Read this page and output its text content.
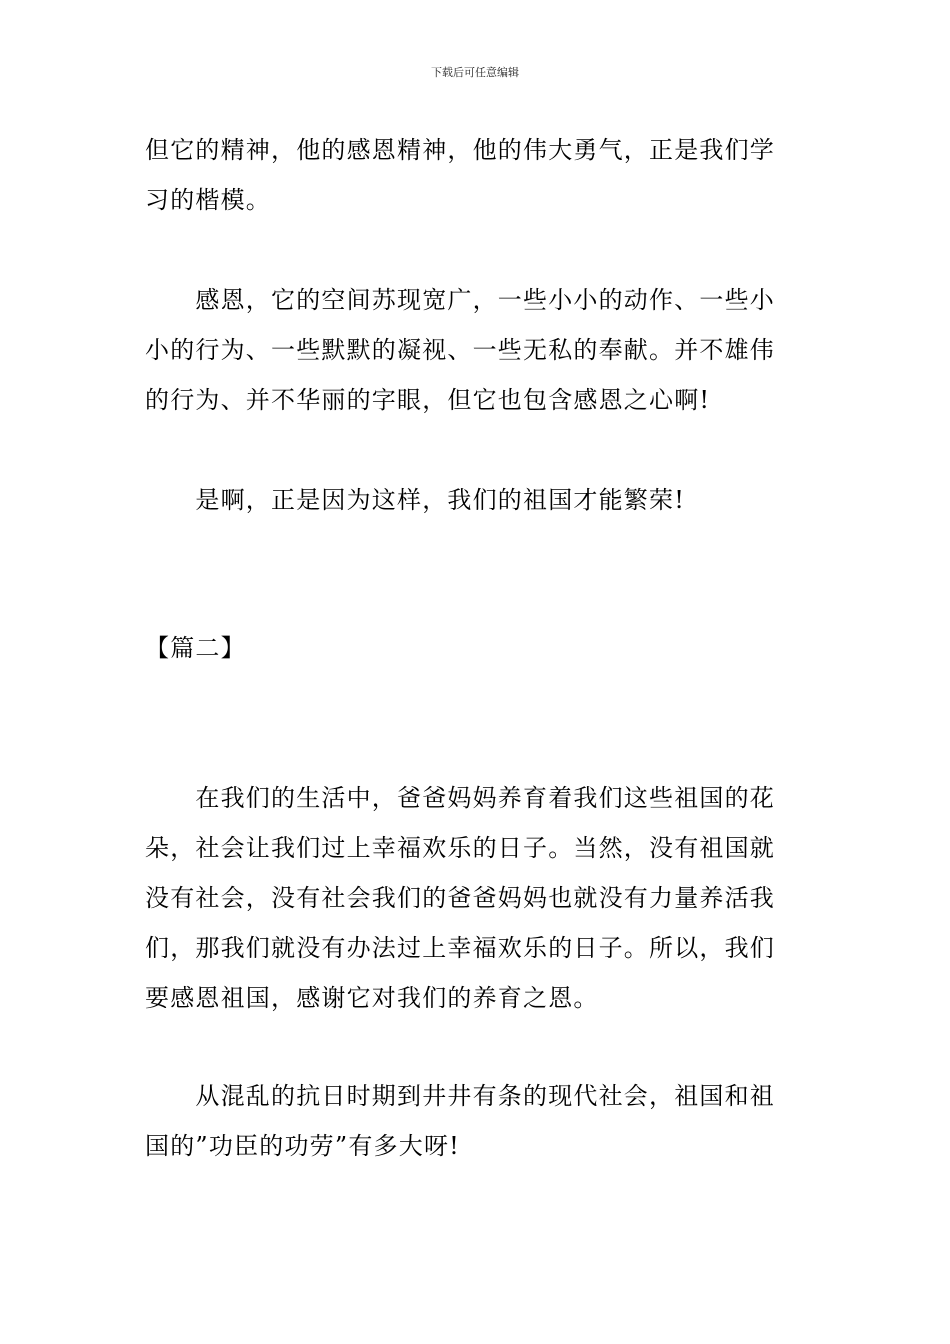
下载后可任意编辑
但它的精神，他的感恩精神，他的伟大勇气，正是我们学
习的楷模。
　　感恩，它的空间苏现宽广，一些小小的动作、一些小
小的行为、一些默默的凝视、一些无私的奉献。并不雄伟
的行为、并不华丽的字眼，但它也包含感恩之心啊!
　　是啊，正是因为这样，我们的祖国才能繁荣!
【篇二】
　　在我们的生活中，爸爸妈妈养育着我们这些祖国的花
朵，社会让我们过上幸福欢乐的日子。当然，没有祖国就
没有社会，没有社会我们的爸爸妈妈也就没有力量养活我
们，那我们就没有办法过上幸福欢乐的日子。所以，我们
要感恩祖国，感谢它对我们的养育之恩。
　　从混乱的抗日时期到井井有条的现代社会，祖国和祖
国的”功臣的功劳”有多大呀!
